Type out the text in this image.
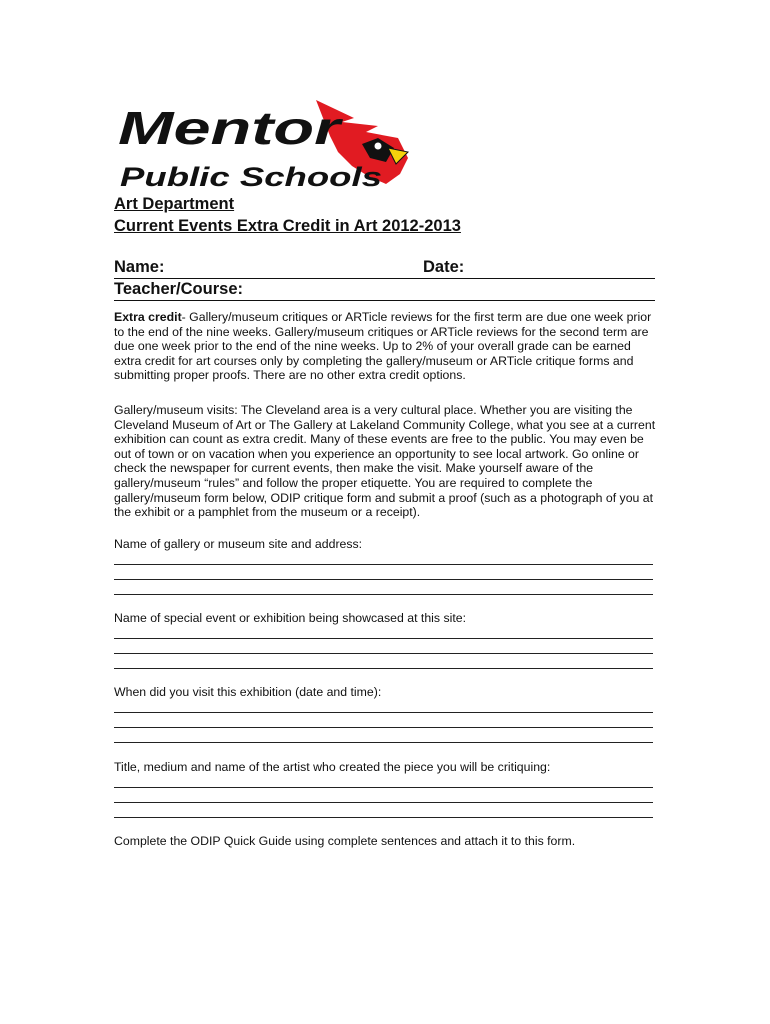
Mentor
Public Schools
Art Department
Current Events Extra Credit in Art 2012-2013
Name:	Date:
Teacher/Course:

Extra credit- Gallery/museum critiques or ARTicle reviews for the first term are due one week prior to the end of the nine weeks. Gallery/museum critiques or ARTicle reviews for the second term are due one week prior to the end of the nine weeks. Up to 2% of your overall grade can be earned extra credit for art courses only by completing the gallery/museum or ARTicle critique forms and submitting proper proofs. There are no other extra credit options.

Gallery/museum visits: The Cleveland area is a very cultural place. Whether you are visiting the Cleveland Museum of Art or The Gallery at Lakeland Community College, what you see at a current exhibition can count as extra credit. Many of these events are free to the public. You may even be out of town or on vacation when you experience an opportunity to see local artwork. Go online or check the newspaper for current events, then make the visit. Make yourself aware of the gallery/museum “rules” and follow the proper etiquette. You are required to complete the gallery/museum form below, ODIP critique form and submit a proof (such as a photograph of you at the exhibit or a pamphlet from the museum or a receipt).

Name of gallery or museum site and address:
Name of special event or exhibition being showcased at this site:
When did you visit this exhibition (date and time):
Title, medium and name of the artist who created the piece you will be critiquing:
Complete the ODIP Quick Guide using complete sentences and attach it to this form.
